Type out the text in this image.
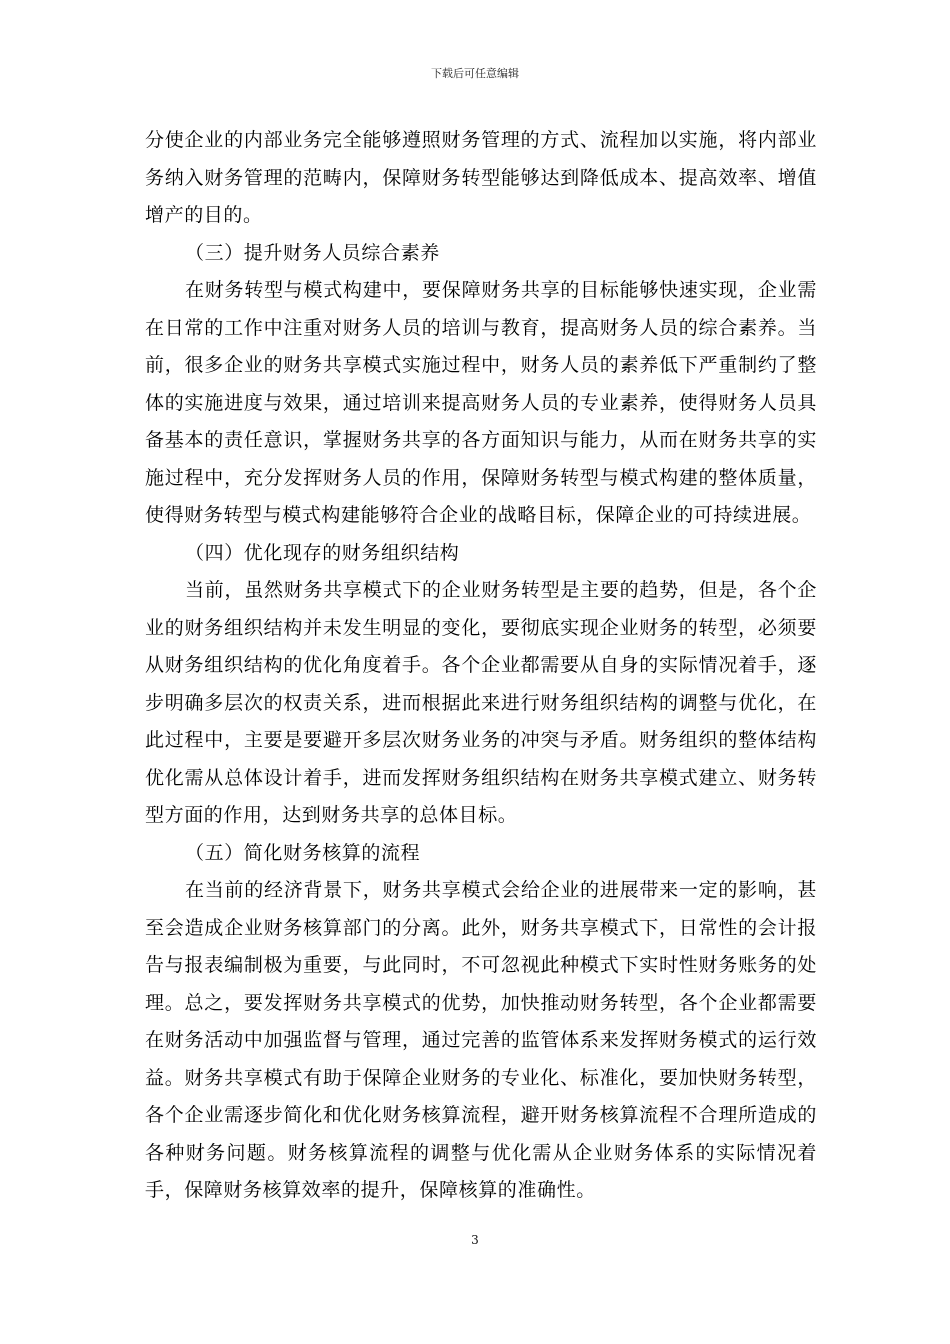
下载后可任意编辑

分使企业的内部业务完全能够遵照财务管理的方式、流程加以实施，将内部业务纳入财务管理的范畴内，保障财务转型能够达到降低成本、提高效率、增值增产的目的。

（三）提升财务人员综合素养

在财务转型与模式构建中，要保障财务共享的目标能够快速实现，企业需在日常的工作中注重对财务人员的培训与教育，提高财务人员的综合素养。当前，很多企业的财务共享模式实施过程中，财务人员的素养低下严重制约了整体的实施进度与效果，通过培训来提高财务人员的专业素养，使得财务人员具备基本的责任意识，掌握财务共享的各方面知识与能力，从而在财务共享的实施过程中，充分发挥财务人员的作用，保障财务转型与模式构建的整体质量，使得财务转型与模式构建能够符合企业的战略目标，保障企业的可持续进展。

（四）优化现存的财务组织结构

当前，虽然财务共享模式下的企业财务转型是主要的趋势，但是，各个企业的财务组织结构并未发生明显的变化，要彻底实现企业财务的转型，必须要从财务组织结构的优化角度着手。各个企业都需要从自身的实际情况着手，逐步明确多层次的权责关系，进而根据此来进行财务组织结构的调整与优化，在此过程中，主要是要避开多层次财务业务的冲突与矛盾。财务组织的整体结构优化需从总体设计着手，进而发挥财务组织结构在财务共享模式建立、财务转型方面的作用，达到财务共享的总体目标。

（五）简化财务核算的流程

在当前的经济背景下，财务共享模式会给企业的进展带来一定的影响，甚至会造成企业财务核算部门的分离。此外，财务共享模式下，日常性的会计报告与报表编制极为重要，与此同时，不可忽视此种模式下实时性财务账务的处理。总之，要发挥财务共享模式的优势，加快推动财务转型，各个企业都需要在财务活动中加强监督与管理，通过完善的监管体系来发挥财务模式的运行效益。财务共享模式有助于保障企业财务的专业化、标准化，要加快财务转型，各个企业需逐步简化和优化财务核算流程，避开财务核算流程不合理所造成的各种财务问题。财务核算流程的调整与优化需从企业财务体系的实际情况着手，保障财务核算效率的提升，保障核算的准确性。

3
